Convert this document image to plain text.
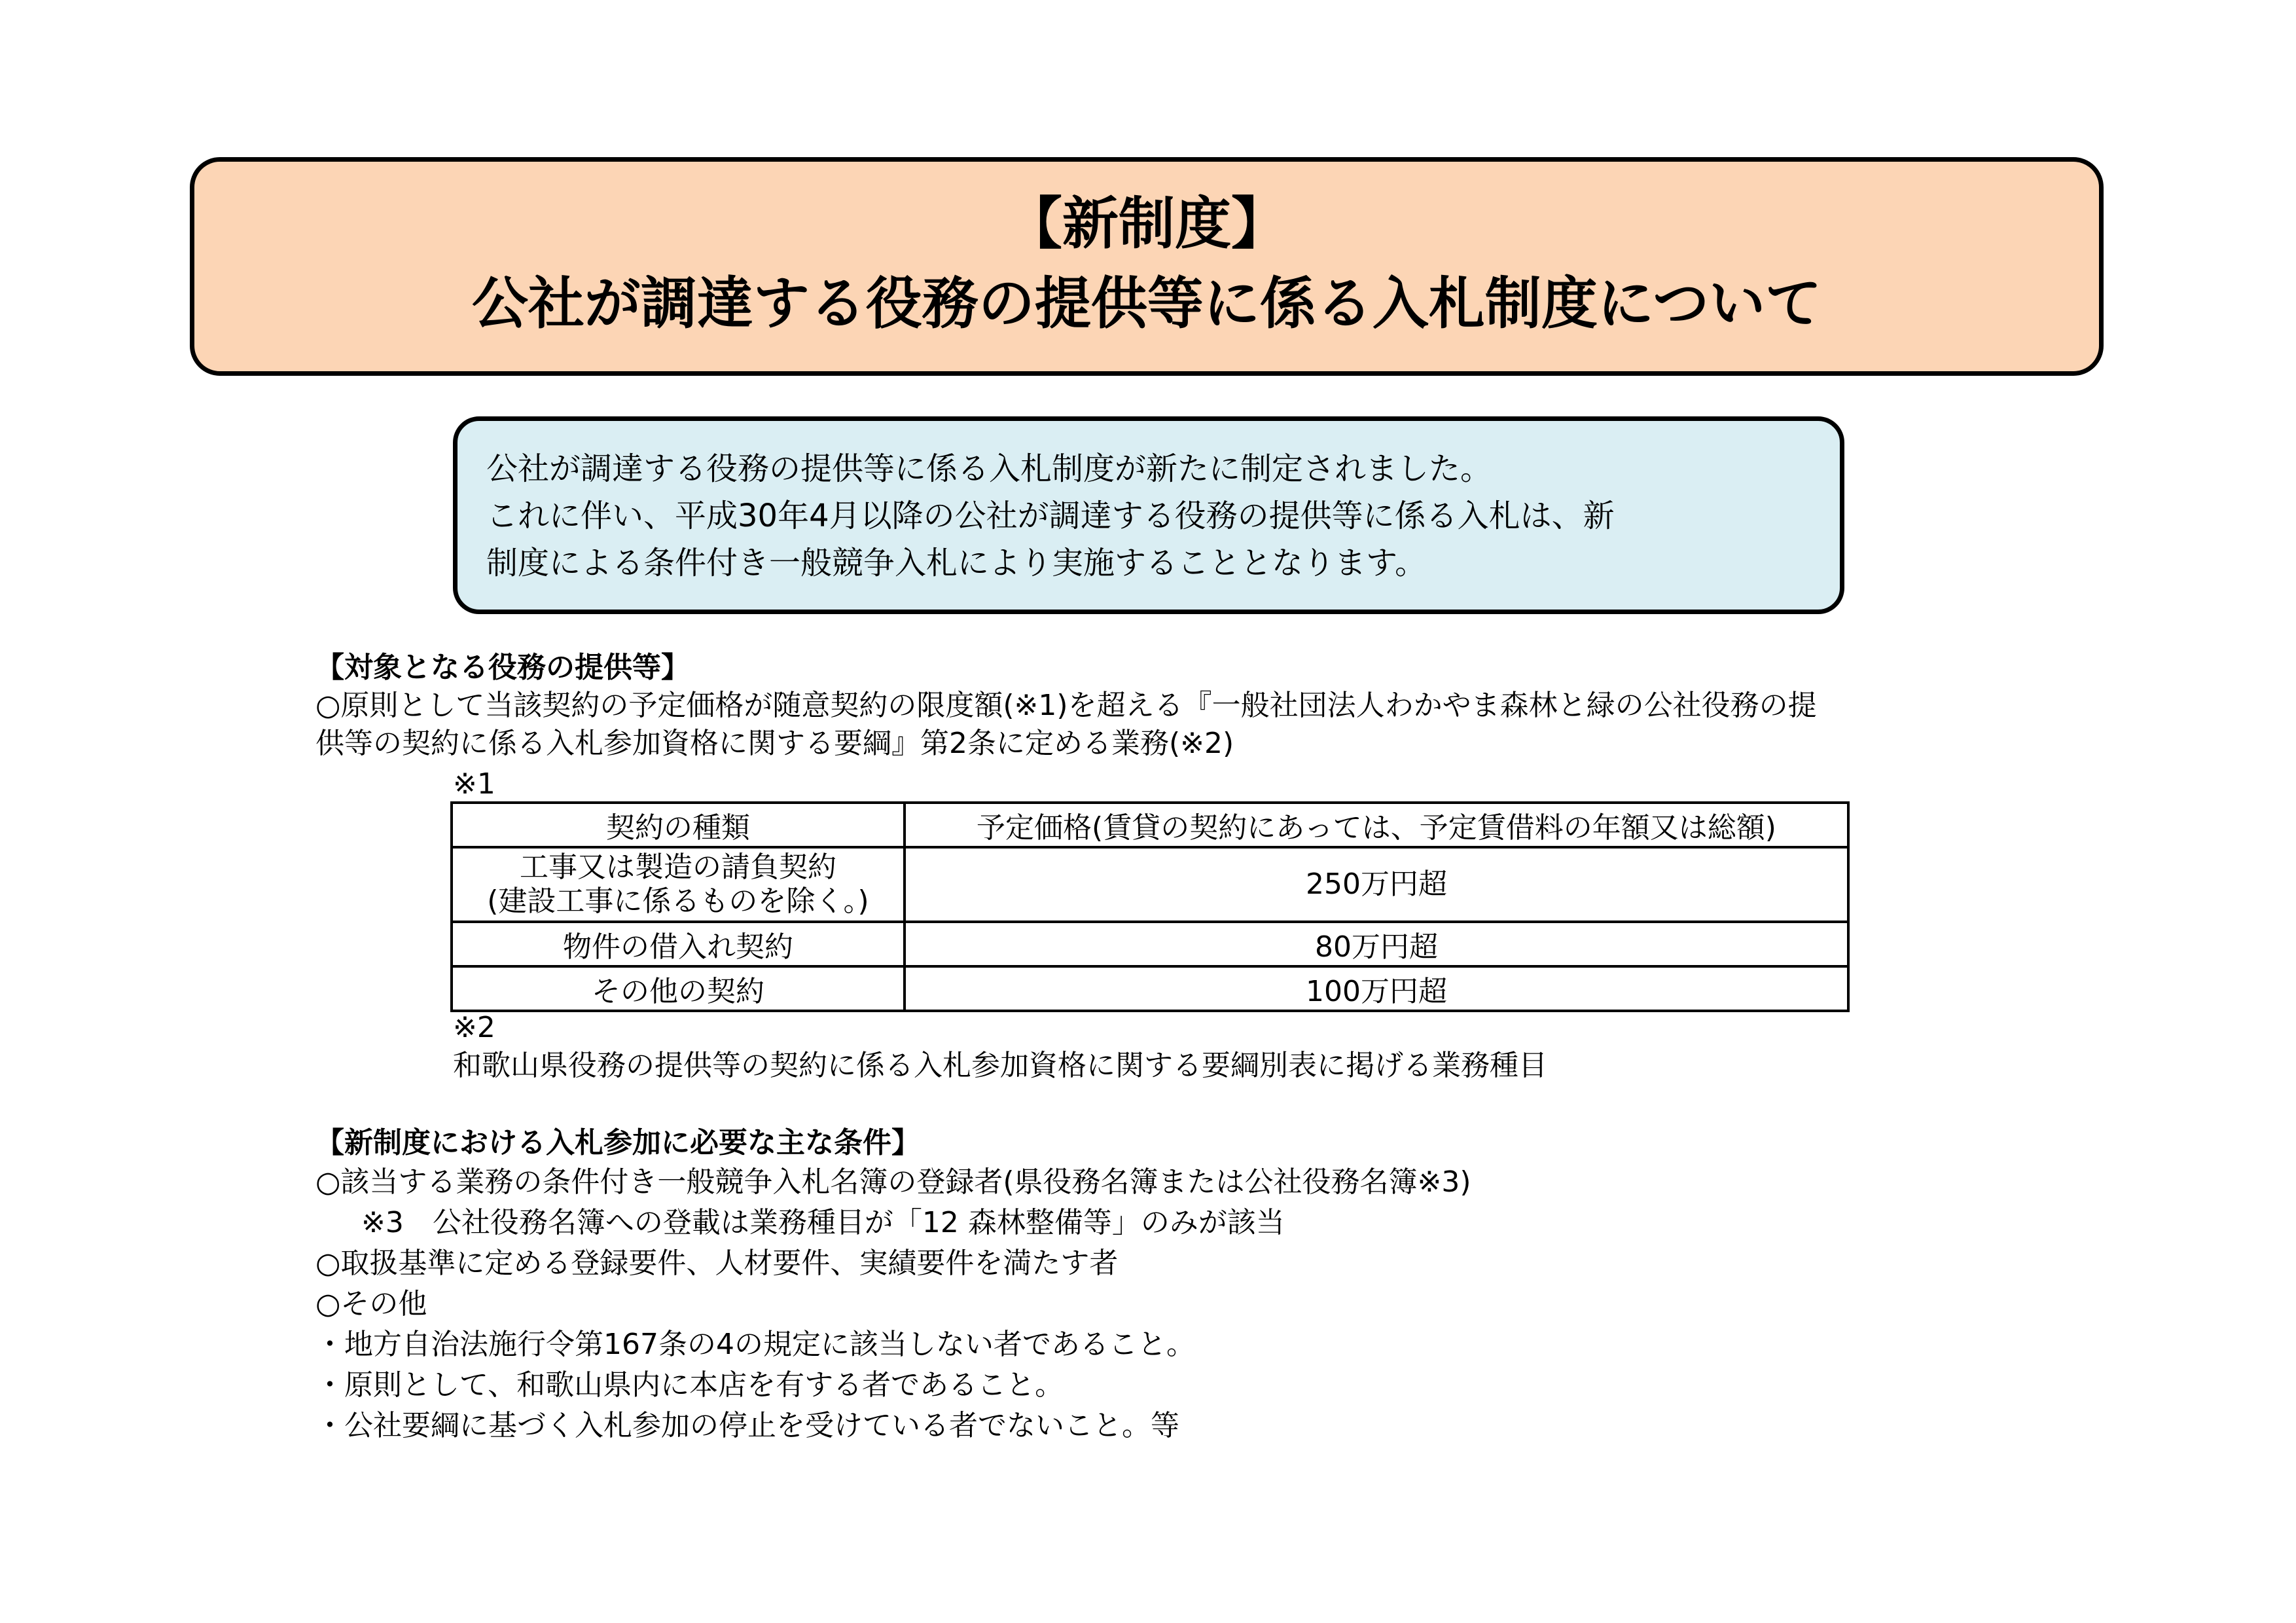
【新制度】
公社が調達する役務の提供等に係る入札制度について
公社が調達する役務の提供等に係る入札制度が新たに制定されました。
これに伴い、平成30年4月以降の公社が調達する役務の提供等に係る入札は、新
制度による条件付き一般競争入札により実施することとなります。
【対象となる役務の提供等】
○原則として当該契約の予定価格が随意契約の限度額(※1)を超える『一般社団法人わかやま森林と緑の公社役務の提
供等の契約に係る入札参加資格に関する要綱』第2条に定める業務(※2)
※1
契約の種類	予定価格(賃貸の契約にあっては、予定賃借料の年額又は総額)

工事又は製造の請負契約
(建設工事に係るものを除く。)	250万円超
物件の借入れ契約	80万円超
その他の契約	100万円超
※2
和歌山県役務の提供等の契約に係る入札参加資格に関する要綱別表に掲げる業務種目
【新制度における入札参加に必要な主な条件】
○該当する業務の条件付き一般競争入札名簿の登録者(県役務名簿または公社役務名簿※3)
※3　公社役務名簿への登載は業務種目が「12 森林整備等」のみが該当
○取扱基準に定める登録要件、人材要件、実績要件を満たす者
○その他
・地方自治法施行令第167条の4の規定に該当しない者であること。
・原則として、和歌山県内に本店を有する者であること。
・公社要綱に基づく入札参加の停止を受けている者でないこと。等
